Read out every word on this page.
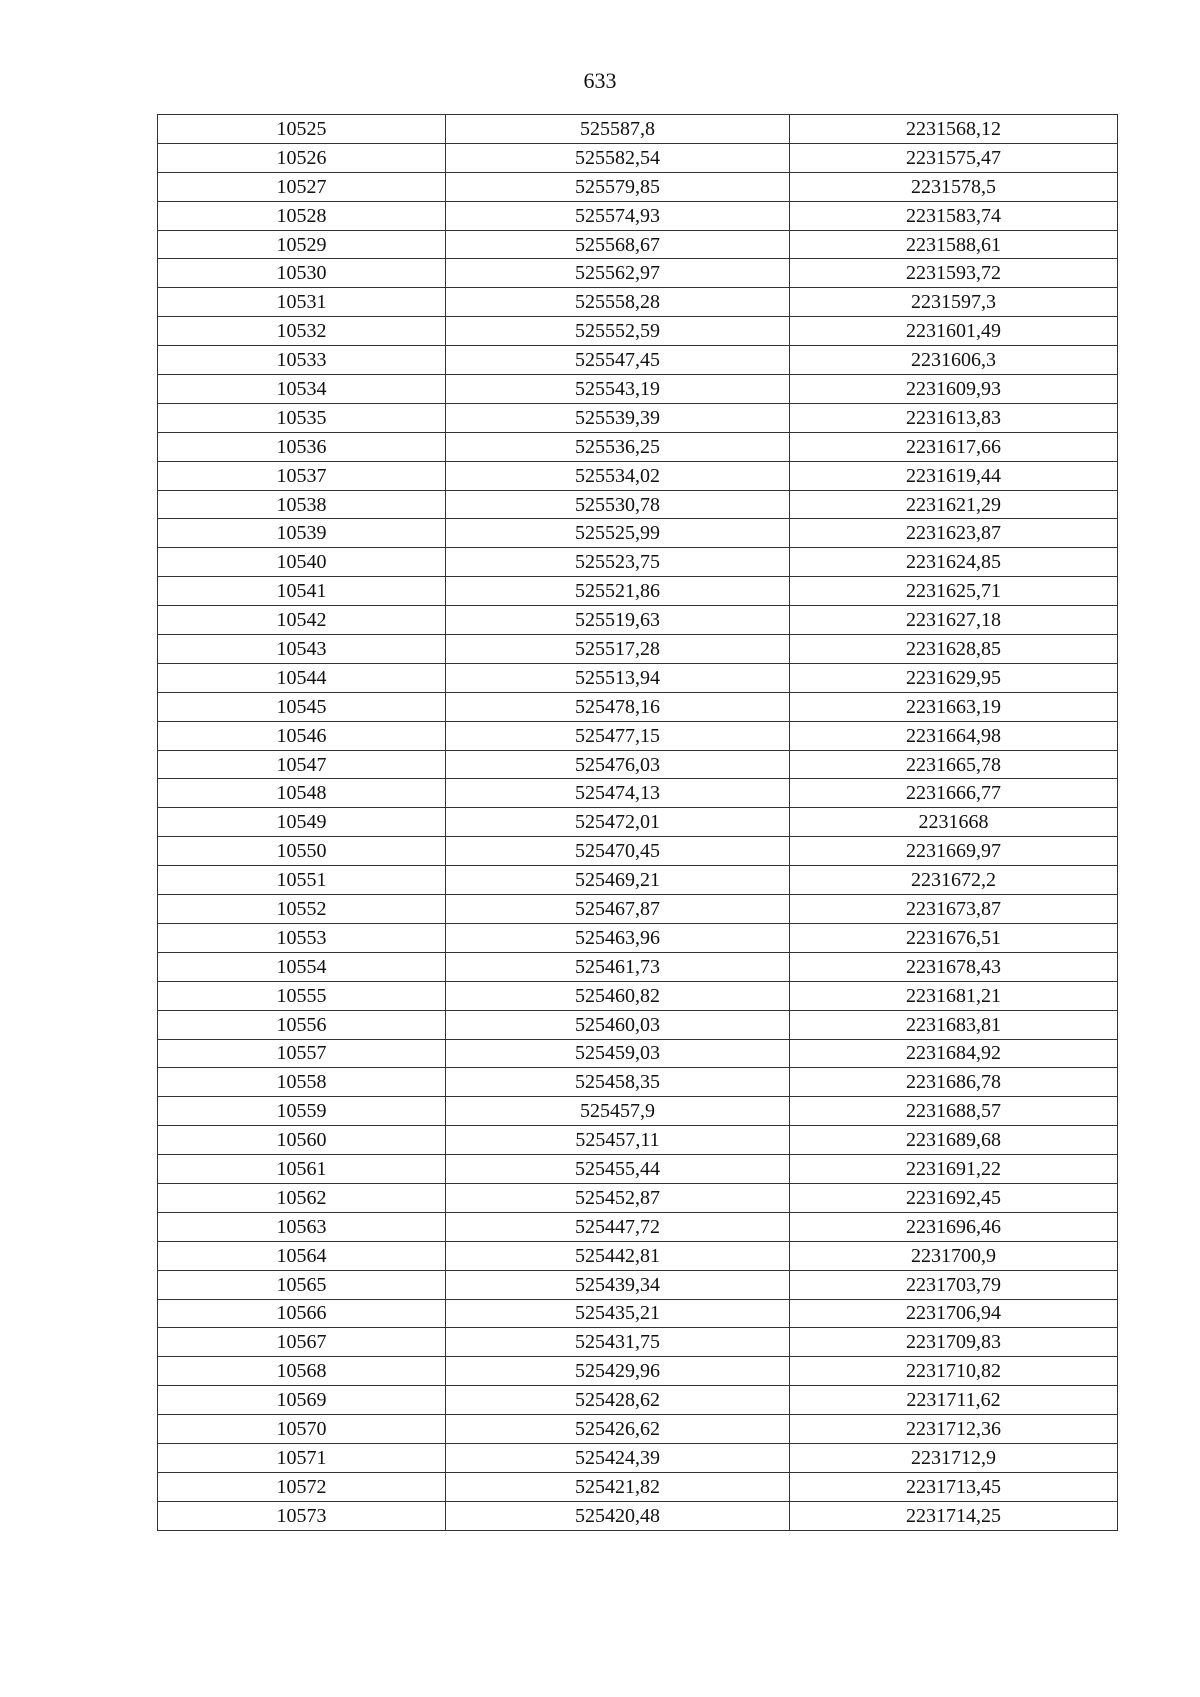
633
10525	525587,8	2231568,12
10526	525582,54	2231575,47
10527	525579,85	2231578,5
10528	525574,93	2231583,74
10529	525568,67	2231588,61
10530	525562,97	2231593,72
10531	525558,28	2231597,3
10532	525552,59	2231601,49
10533	525547,45	2231606,3
10534	525543,19	2231609,93
10535	525539,39	2231613,83
10536	525536,25	2231617,66
10537	525534,02	2231619,44
10538	525530,78	2231621,29
10539	525525,99	2231623,87
10540	525523,75	2231624,85
10541	525521,86	2231625,71
10542	525519,63	2231627,18
10543	525517,28	2231628,85
10544	525513,94	2231629,95
10545	525478,16	2231663,19
10546	525477,15	2231664,98
10547	525476,03	2231665,78
10548	525474,13	2231666,77
10549	525472,01	2231668
10550	525470,45	2231669,97
10551	525469,21	2231672,2
10552	525467,87	2231673,87
10553	525463,96	2231676,51
10554	525461,73	2231678,43
10555	525460,82	2231681,21
10556	525460,03	2231683,81
10557	525459,03	2231684,92
10558	525458,35	2231686,78
10559	525457,9	2231688,57
10560	525457,11	2231689,68
10561	525455,44	2231691,22
10562	525452,87	2231692,45
10563	525447,72	2231696,46
10564	525442,81	2231700,9
10565	525439,34	2231703,79
10566	525435,21	2231706,94
10567	525431,75	2231709,83
10568	525429,96	2231710,82
10569	525428,62	2231711,62
10570	525426,62	2231712,36
10571	525424,39	2231712,9
10572	525421,82	2231713,45
10573	525420,48	2231714,25
